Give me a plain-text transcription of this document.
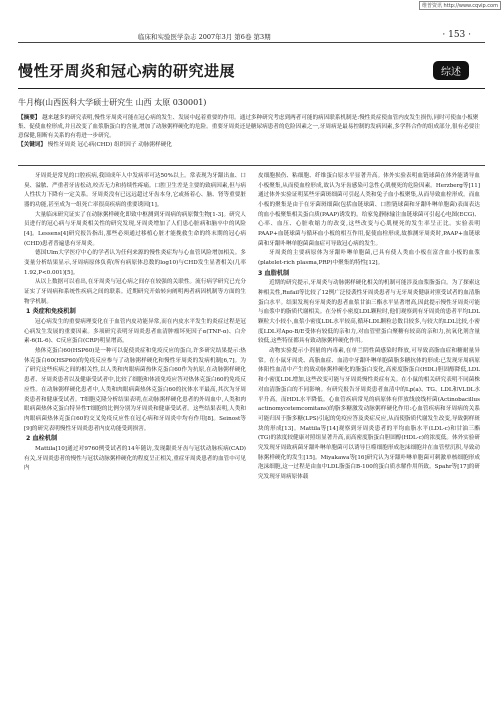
维普资讯 http://www.cqvip.com
临床和实验医学杂志 2007年3月 第6卷 第3期	· 153 ·
慢性牙周炎和冠心病的研究进展	综述
牛月梅(山西医科大学硕士研究生 山西 太原 030001)

【摘要】 越来越多的研究表明,慢性牙周炎可能在冠心病的发生、发展中起着重要的作用。通过多种研究考虑到两者可能的病因联系机制是:慢性炎症使血管内皮发生损伤,同时可使血小板聚集、促使血栓形成,并且改变了血浆脂蛋白的含量,增加了动脉粥样硬化的危险。重要牙周炎还是糖尿病患者的危险因素之一,牙周病是最易控制的发病因素,多学科合作的组成部分,很有必要注意保健,阻断有关系的有将进一步研究。

【关键词】 慢性牙周炎 冠心病(CHD) 组织因子 动脉粥样硬化

牙周炎是常见的口腔疾病,我国成年人中发病率可达50%以上。常表现为牙龈出血、口臭、溢脓、严重者牙齿松动,咬否无力和持续性疼痛。口腔卫生差是主要的致病因素,但与病人性状力下降有一定关系。牙周炎没有已远远超过牙齿本身,它或扬着心、脑、肾等重要脏器的功能,甚至成为一组死亡率很高疾病的重要诱因[1]。

大量临床研究证实了在动脉粥样硬化即致中枢测到牙周病的病原微生物[1-3]。研究人员进行的冠心病与牙周炎相关性的研究发现,牙周炎增加了人们患心脏病和脑卒中的风险[4]。Lessens[4]研究报告指出,那些必须通过移植心脏才能挽救生命的终末期的冠心病(CHD)患者普遍患有牙周炎。

德国Ulm大学医疗中心的学者认为任何来源的慢性炎症均与心血管风险增加相关。多变量分析结果显示,牙周病原体负荷(所有病原体总数的log10)与CHD发生显著相关(几率1.92,P<0.001)[5]。

从以上数据可以看出,在牙周炎与冠心病之间存在较强的关联性。流行病学研究已充分证实了牙周病和系统性疾病之间的联系。近期研究开始转向阐明两者病因机制等方面的生物学机制。

1 炎症和免疫机制

冠心病发生的重要病理变化在于血管内皮功能异常,而在内皮水平发生的炎症过程是冠心病发生发展的重要因素。多项研究表明牙周炎患者血清肿瘤坏死因子α(TNF-α)、白介素-6(IL-6)、C反应蛋白(CRP)明显增高。

热休克蛋白60(HSP60)是一种可以促使炎症和免疫反应的蛋白,许多研究结果提示:热休克蛋白60(HSP60)的免疫反应参与了动脉粥样硬化和慢性牙周炎的发病机制[6,7]。为了研究这些疾病之间的相关性,以人类和肉眼病菌热休克蛋白60作为抗原,在动脉粥样硬化患者、牙周炎患者以及健康受试者中,比较了细胞和体液免疫应答对热休克蛋白60的免疫反应性。在动脉粥样硬化患者中,人类和肉眼病菌热休克蛋白60的抗体水平最高,其次为牙周炎患者和健康受试者。T细胞克隆分析结果表明,在动脉粥样硬化患者的外周血中,人类和肉眼病菌热休克蛋白特异性T细胞的比例分别为牙周炎和健康受试者。这些结果表明,人类和肉眼病菌热休克蛋白60的交叉免疫反应性在冠心病和牙周炎中均有作用[8]。Seinost等[9]的研究表明慢性牙周炎患者内皮功能受到损害。

2 血栓机制

Mattila[10]通过对9760例受试者的14年随访,发现龈炎牙齿与冠状动脉疾病(CAD)有关,牙周炎患者的慢性与冠状动脉粥样硬化的程度呈正相关,重症牙周炎患者的血管中可见内

皮细胞损伤、粘细胞、纤维蛋白原水平显著升高。体外实验表明血链球菌在体外能诱导血小板聚集,从而使血栓形成,故认为牙齿感染可急性心肌梗死的危险因素。Herzberg等[11]通过体外实验证明某些牙菌斑细菌可引起人类和兔子血小板聚集,从而导致血栓形成。而血小板的聚集是由于在牙菌斑细菌(包括血链球菌、口腔链球菌和牙龈卟啉单胞菌)表面表达的血小板聚集相关蛋白质(PAAP)诱发的。给家兔静脉输注血链球菌可引起心电图(ECG)、心率、血压、心脏收缩力的改变,这些改变与心肌梗死的发生率呈正比。实验表明PAAP+血链球菌与循环血小板的相互作用,促使血栓形成,故推测牙周炎时,PAAP+血链球菌和牙龈卟啉单胞菌菌血症可导致冠心病的发生。

牙周炎的主要病原体为牙龈卟啉单胞菌,已具有使人类血小板在富含血小板的血浆(platelet-rich plasma,PRP)中聚集的特性[12]。

3 血脂机制

近期的研究提示,牙周炎与动脉粥样硬化相关的机制可能涉及血浆脂蛋白。为了探索这种相关性,Rufail等比较了12例广泛侵袭性牙周炎患者与无牙周炎健康对照受试者的血清脂蛋白水平。结果发现有牙周炎的患者血浆甘油三酯水平显著增高,因此提示慢性牙周炎可能与血浆中的脂质代谢相关。在分析小密度LDL颗粒时,他们观察到有牙周炎的患者平均LDL颗粒大小较小,血浆小密度LDL水平较高,循环LDL颗粒总数目较多,与较大的LDL比较,小密度LDL对Apo-B/E受体有较低的亲和力,对血管壁蛋白聚糖有较高的亲和力,抗氧化剂含量较低,这些特征都具有致动脉粥样硬化作用。

动物实验提示小剂量的内毒素,在单兰阴性菌感染时释放,可导致高脂血症和糖耐量异常。在小鼠牙周炎、高脂血症、血清中牙龈卟啉单胞菌脂多糖抗体的形成:已发现牙周病原体阳性血清中产生的致动脉粥样硬化的脂蛋白变化,高密度脂蛋白(HDL)胆固醇降低,LDL和小密度LDL增加,这些改变可能与牙周炎慢性炎症有关。在小鼠的相关研究表明不同菌株对血清脂蛋白的不同影响。有研究报告牙周炎患者血清中的Lp(a)、TG、LDL和VLDL水平升高。而HDL水平降低。心血管疾病常见的病原体有伴放线放线杆菌(Actinobacillus actinomycetemcomitans)的脂多糖激发动脉粥样硬化作用:心血管疾病和牙周病的关系可能归因于脂多糖(LPS)引起的免疫应答及炎症反应,从而使脂质代谢发生改变,导致粥样斑块的形成[13]。Mattila等[14]观察到牙周炎患者的平均血脂水平(LDL-c)和甘油三酯(TG)的浓度较健康对照组显著升高,而高密度脂蛋白胆固醇(HDL-c)的浓度低。体外实验研究发现牙周致病菌牙龈卟啉单胞菌可以诱导巨噬细胞形成泡沫细胞并在血管壁沉积,导致动脉粥样硬化的发生[15]。Miyakawa等[16]研究认为牙龈卟啉单胞菌可刺激单核细胞形成泡沫细胞,这一过程是由血中LDL脂蛋白B-100的蛋白质水解作用所致。Spahr等[17]的研究发现牙周病原体载
